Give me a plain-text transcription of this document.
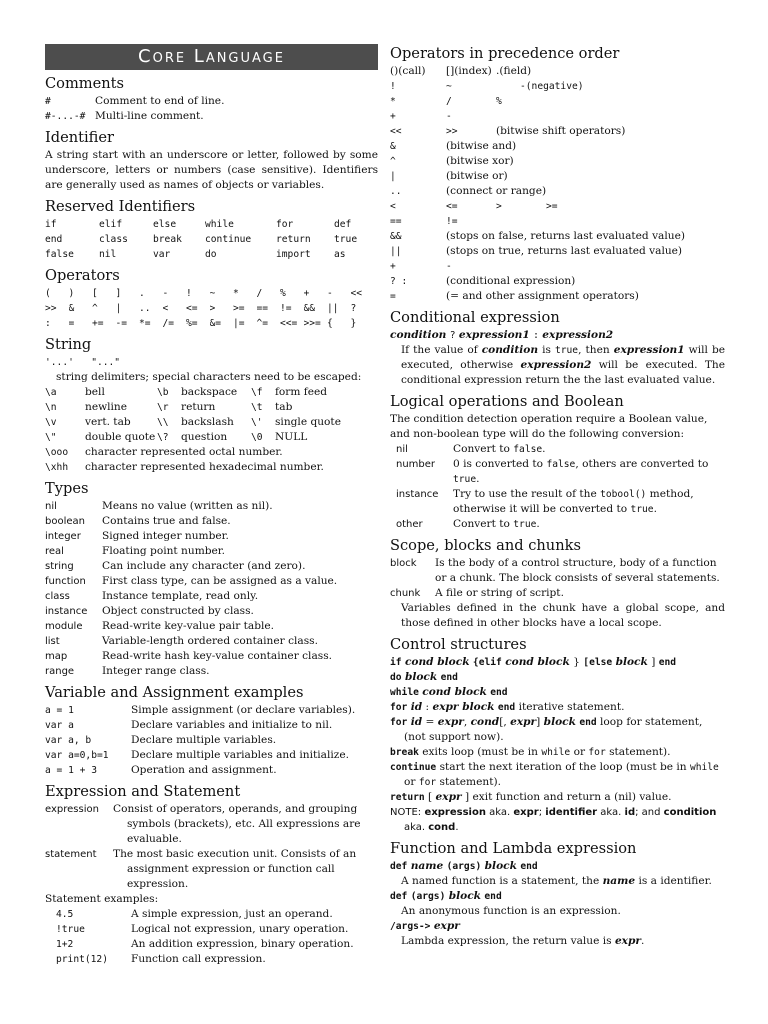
Core Language
Comments
#	Comment to end of line.
#-...-# Multi-line comment.
Identifier

A string start with an underscore or letter, followed by some underscore, letters or numbers (case sensitive). Identifiers are generally used as names of objects or variables.

Reserved Identifiers
if	elif	else	while	for	def
end	class	break	continue	return	true
false	nil	var	do	import	as
Operators
(	)	[	]	.	-	!	~	*	/	%	+	-	<<
>>	&	^	|	..	<	<=	>	>=	==	!=	&&	||	?
:	=	+=	-=	*=	/=	%=	&=	|=	^=	<<= >>= {	}
String

'...'   "..."

string delimiters; special characters need to be escaped:

\a	bell	\b	backspace	\f	form feed
\n	newline	\r	return	\t	tab
\v	vert. tab	\\	backslash	\'	single quote
\"	double quote \?	question	\0	NULL
\ooo	character represented octal number.
\xhh	character represented hexadecimal number.
Types
nil	Means no value (written as nil).
boolean	Contains true and false.
integer	Signed integer number.
real	Floating point number.
string	Can include any character (and zero).
function	First class type, can be assigned as a value.
class	Instance template, read only.
instance	Object constructed by class.
module	Read-write key-value pair table.
list	Variable-length ordered container class.
map	Read-write hash key-value container class.
range	Integer range class.
Variable and Assignment examples
a = 1	Simple assignment (or declare variables).
var a	Declare variables and initialize to nil.
var a, b	Declare multiple variables.
var a=0,b=1	Declare multiple variables and initialize.
a = 1 + 3	Operation and assignment.
Expression and Statement
expression	Consist of operators, operands, and grouping symbols (brackets), etc. All expressions are evaluable.
statement	The most basic execution unit. Consists of an assignment expression or function call expression.

Statement examples:

4.5	A simple expression, just an operand.
!true	Logical not expression, unary operation.
1+2	An addition expression, binary operation.
print(12)	Function call expression.
Operators in precedence order
()(call)	[](index) .(field)
!	~	-(negative)
*	/	%
+	-
<<	>>	(bitwise shift operators)
&	(bitwise and)
^	(bitwise xor)
|	(bitwise or)
..	(connect or range)
<	<=	>	>=
==	!=
&&	(stops on false, returns last evaluated value)
||	(stops on true, returns last evaluated value)
+	-
? :	(conditional expression)
=	(= and other assignment operators)
Conditional expression

condition ? expression1 : expression2

If the value of condition is true, then expression1 will be executed, otherwise expression2 will be executed. The conditional expression return the the last evaluated value.

Logical operations and Boolean

The condition detection operation require a Boolean value, and non-boolean type will do the following conversion:

nil	Convert to false.
number	0 is converted to false, others are converted to true.
instance	Try to use the result of the tobool() method, otherwise it will be converted to true.
other	Convert to true.
Scope, blocks and chunks
block	Is the body of a control structure, body of a function or a chunk. The block consists of several statements.
chunk	A file or string of script.

Variables defined in the chunk have a global scope, and those defined in other blocks have a local scope.

Control structures
if cond block {elif cond block } [else block ] end
do block end
while cond block end
for id : expr block end iterative statement.
for id = expr, cond[, expr] block end loop for statement, (not support now).
break exits loop (must be in while or for statement).
continue start the next iteration of the loop (must be in while or for statement).
return [ expr ] exit function and return a (nil) value.
NOTE: expression aka. expr; identifier aka. id; and condition aka. cond.
Function and Lambda expression
def name (args) block end
A named function is a statement, the name is a identifier.
def (args) block end
An anonymous function is an expression.
/args-> expr
Lambda expression, the return value is expr.
